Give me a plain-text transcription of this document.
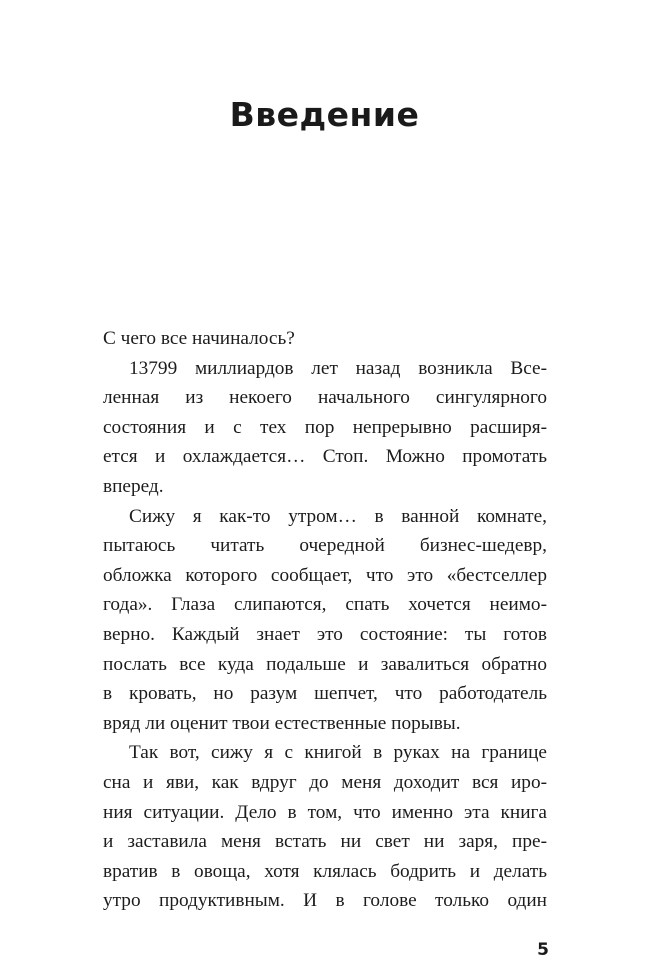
Введение
С чего все начиналось?
13799 миллиардов лет назад возникла Все-
ленная из некоего начального сингулярного
состояния и с тех пор непрерывно расширя-
ется и охлаждается… Стоп. Можно промотать
вперед.
Сижу я как-то утром… в ванной комнате,
пытаюсь читать очередной бизнес-шедевр,
обложка которого сообщает, что это «бестселлер
года». Глаза слипаются, спать хочется неимо-
верно. Каждый знает это состояние: ты готов
послать все куда подальше и завалиться обратно
в кровать, но разум шепчет, что работодатель
вряд ли оценит твои естественные порывы.
Так вот, сижу я с книгой в руках на границе
сна и яви, как вдруг до меня доходит вся иро-
ния ситуации. Дело в том, что именно эта книга
и заставила меня встать ни свет ни заря, пре-
вратив в овоща, хотя клялась бодрить и делать
утро продуктивным. И в голове только один
5
